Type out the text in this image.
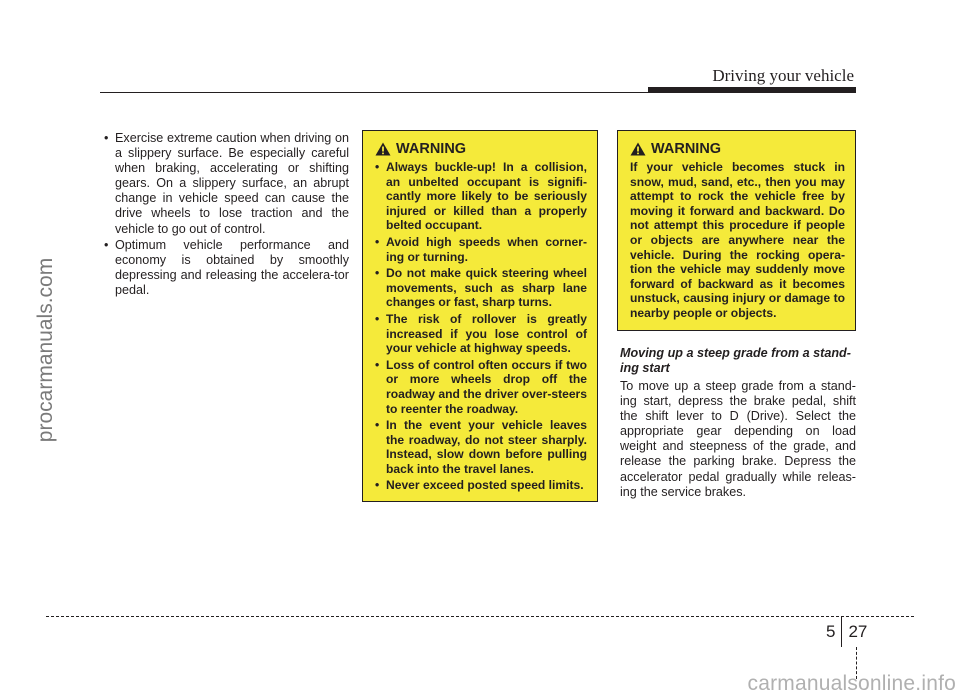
Driving your vehicle
procarmanuals.com
• Exercise extreme caution when driving on a slippery surface. Be especially careful when braking, accelerating or shifting gears. On a slippery surface, an abrupt change in vehicle speed can cause the drive wheels to lose traction and the vehicle to go out of control.
• Optimum vehicle performance and economy is obtained by smoothly depressing and releasing the accelera-tor pedal.
WARNING
• Always buckle-up! In a collision, an unbelted occupant is signifi-cantly more likely to be seriously injured or killed than a properly belted occupant.
• Avoid high speeds when corner-ing or turning.
• Do not make quick steering wheel movements, such as sharp lane changes or fast, sharp turns.
• The risk of rollover is greatly increased if you lose control of your vehicle at highway speeds.
• Loss of control often occurs if two or more wheels drop off the roadway and the driver over-steers to reenter the roadway.
• In the event your vehicle leaves the roadway, do not steer sharply. Instead, slow down before pulling back into the travel lanes.
• Never exceed posted speed limits.
WARNING
If your vehicle becomes stuck in snow, mud, sand, etc., then you may attempt to rock the vehicle free by moving it forward and backward. Do not attempt this procedure if people or objects are anywhere near the vehicle. During the rocking opera-tion the vehicle may suddenly move forward of backward as it becomes unstuck, causing injury or damage to nearby people or objects.

Moving up a steep grade from a stand-ing start

To move up a steep grade from a stand-ing start, depress the brake pedal, shift the shift lever to D (Drive). Select the appropriate gear depending on load weight and steepness of the grade, and release the parking brake. Depress the accelerator pedal gradually while releas-ing the service brakes.

5 27
carmanualsonline.info
